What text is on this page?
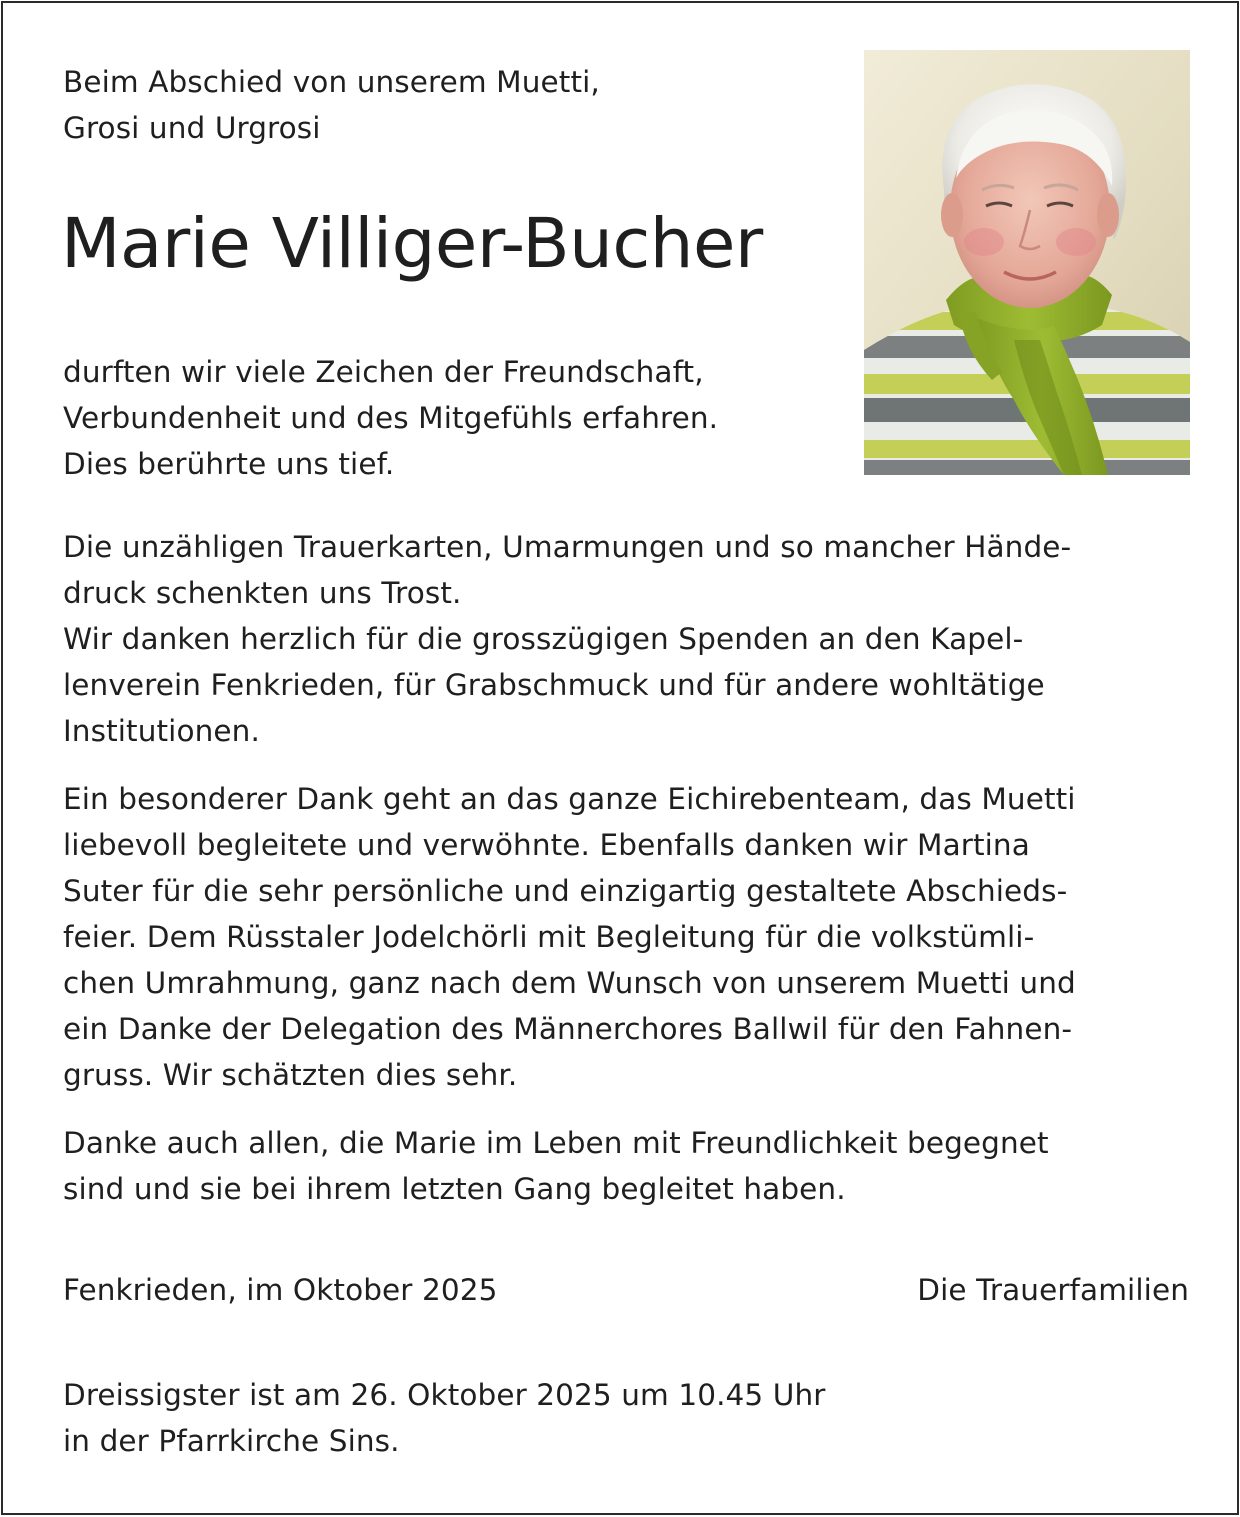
Beim Abschied von unserem Muetti,
Grosi und Urgrosi
Marie Villiger-Bucher
durften wir viele Zeichen der Freundschaft,
Verbundenheit und des Mitgefühls erfahren.
Dies berührte uns tief.
Die unzähligen Trauerkarten, Umarmungen und so mancher Hände-
druck schenkten uns Trost.
Wir danken herzlich für die grosszügigen Spenden an den Kapel-
lenverein Fenkrieden, für Grabschmuck und für andere wohltätige
Institutionen.
Ein besonderer Dank geht an das ganze Eichirebenteam, das Muetti
liebevoll begleitete und verwöhnte. Ebenfalls danken wir Martina
Suter für die sehr persönliche und einzigartig gestaltete Abschieds-
feier. Dem Rüsstaler Jodelchörli mit Begleitung für die volkstümli-
chen Umrahmung, ganz nach dem Wunsch von unserem Muetti und
ein Danke der Delegation des Männerchores Ballwil für den Fahnen-
gruss. Wir schätzten dies sehr.
Danke auch allen, die Marie im Leben mit Freundlichkeit begegnet
sind und sie bei ihrem letzten Gang begleitet haben.
Fenkrieden, im Oktober 2025	Die Trauerfamilien
Dreissigster ist am 26. Oktober 2025 um 10.45 Uhr
in der Pfarrkirche Sins.
